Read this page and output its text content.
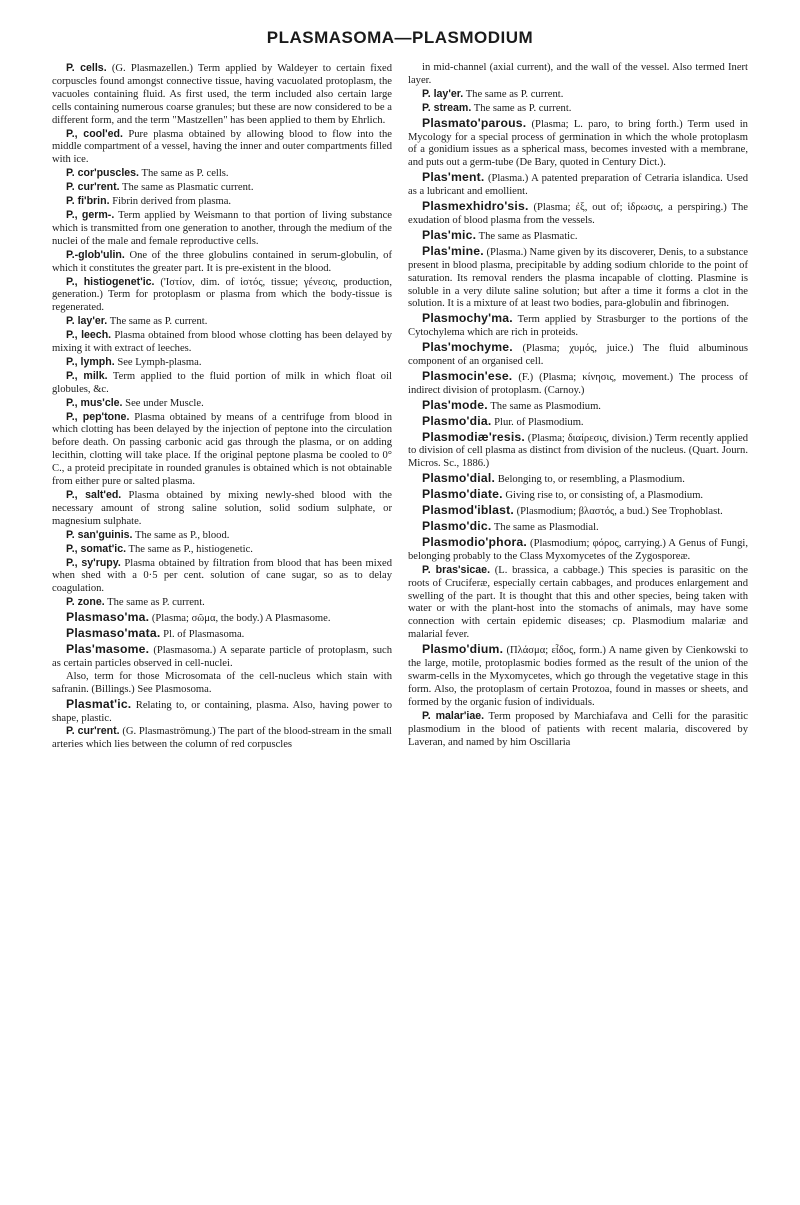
PLASMASOMA—PLASMODIUM

P. cells. (G. Plasmazellen.) Term applied by Waldeyer to certain fixed corpuscles found amongst connective tissue, having vacuolated protoplasm, the vacuoles containing fluid. As first used, the term included also certain large cells containing numerous coarse granules; but these are now considered to be a different form, and the term "Mastzellen" has been applied to them by Ehrlich.

P., cool'ed. Pure plasma obtained by allowing blood to flow into the middle compartment of a vessel, having the inner and outer compartments filled with ice.

P. cor'puscles. The same as P. cells.

P. cur'rent. The same as Plasmatic current.

P. fi'brin. Fibrin derived from plasma.

P., germ-. Term applied by Weismann to that portion of living substance which is transmitted from one generation to another, through the medium of the nuclei of the male and female reproductive cells.

P.-glob'ulin. One of the three globulins contained in serum-globulin, of which it constitutes the greater part. It is pre-existent in the blood.

P., histiogenet'ic. ('Ιστίον, dim. of ἱστός, tissue; γένεσις, production, generation.) Term for protoplasm or plasma from which the body-tissue is regenerated.

P. lay'er. The same as P. current.

P., leech. Plasma obtained from blood whose clotting has been delayed by mixing it with extract of leeches.

P., lymph. See Lymph-plasma.

P., milk. Term applied to the fluid portion of milk in which float oil globules, &c.

P., mus'cle. See under Muscle.

P., pep'tone. Plasma obtained by means of a centrifuge from blood in which clotting has been delayed by the injection of peptone into the circulation before death. On passing carbonic acid gas through the plasma, or on adding lecithin, clotting will take place. If the original peptone plasma be cooled to 0° C., a proteid precipitate in rounded granules is obtained which is not obtainable from either pure or salted plasma.

P., salt'ed. Plasma obtained by mixing newly-shed blood with the necessary amount of strong saline solution, solid sodium sulphate, or magnesium sulphate.

P. san'guinis. The same as P., blood.

P., somat'ic. The same as P., histiogenetic.

P., sy'rupy. Plasma obtained by filtration from blood that has been mixed when shed with a 0·5 per cent. solution of cane sugar, so as to delay coagulation.

P. zone. The same as P. current.

Plasmaso'ma. (Plasma; σῶμα, the body.) A Plasmasome.

Plasmaso'mata. Pl. of Plasmasoma.

Plas'masome. (Plasmasoma.) A separate particle of protoplasm, such as certain particles observed in cell-nuclei.

Also, term for those Microsomata of the cell-nucleus which stain with safranin. (Billings.) See Plasmosoma.

Plasmat'ic. Relating to, or containing, plasma. Also, having power to shape, plastic.

P. cur'rent. (G. Plasmaströmung.) The part of the blood-stream in the small arteries which lies between the column of red corpuscles

in mid-channel (axial current), and the wall of the vessel. Also termed Inert layer.

P. lay'er. The same as P. current.

P. stream. The same as P. current.

Plasmato'parous. (Plasma; L. paro, to bring forth.) Term used in Mycology for a special process of germination in which the whole protoplasm of a gonidium issues as a spherical mass, becomes invested with a membrane, and puts out a germ-tube (De Bary, quoted in Century Dict.).

Plas'ment. (Plasma.) A patented preparation of Cetraria islandica. Used as a lubricant and emollient.

Plasmexhidro'sis. (Plasma; ἐξ, out of; ἱδρωσις, a perspiring.) The exudation of blood plasma from the vessels.

Plas'mic. The same as Plasmatic.

Plas'mine. (Plasma.) Name given by its discoverer, Denis, to a substance present in blood plasma, precipitable by adding sodium chloride to the point of saturation. Its removal renders the plasma incapable of clotting. Plasmine is soluble in a very dilute saline solution; but after a time it forms a clot in the solution. It is a mixture of at least two bodies, para-globulin and fibrinogen.

Plasmochy'ma. Term applied by Strasburger to the portions of the Cytochylema which are rich in proteids.

Plas'mochyme. (Plasma; χυμός, juice.) The fluid albuminous component of an organised cell.

Plasmocin'ese. (F.) (Plasma; κίνησις, movement.) The process of indirect division of protoplasm. (Carnoy.)

Plas'mode. The same as Plasmodium.

Plasmo'dia. Plur. of Plasmodium.

Plasmodiæ'resis. (Plasma; διαίρεσις, division.) Term recently applied to division of cell plasma as distinct from division of the nucleus. (Quart. Journ. Micros. Sc., 1886.)

Plasmo'dial. Belonging to, or resembling, a Plasmodium.

Plasmo'diate. Giving rise to, or consisting of, a Plasmodium.

Plasmod'iblast. (Plasmodium; βλαστός, a bud.) See Trophoblast.

Plasmo'dic. The same as Plasmodial.

Plasmodio'phora. (Plasmodium; φόρος, carrying.) A Genus of Fungi, belonging probably to the Class Myxomycetes of the Zygosporeæ.

P. bras'sicae. (L. brassica, a cabbage.) This species is parasitic on the roots of Cruciferæ, especially certain cabbages, and produces enlargement and swelling of the part. It is thought that this and other species, being taken with water or with the plant-host into the stomachs of animals, may have some connection with certain epidemic diseases; cp. Plasmodium malariæ and malarial fever.

Plasmo'dium. (Πλάσμα; εἶδος, form.) A name given by Cienkowski to the large, motile, protoplasmic bodies formed as the result of the union of the swarm-cells in the Myxomycetes, which go through the vegetative stage in this form. Also, the protoplasm of certain Protozoa, found in masses or sheets, and formed by the organic fusion of individuals.

P. malar'iae. Term proposed by Marchiafava and Celli for the parasitic plasmodium in the blood of patients with recent malaria, discovered by Laveran, and named by him Oscillaria
